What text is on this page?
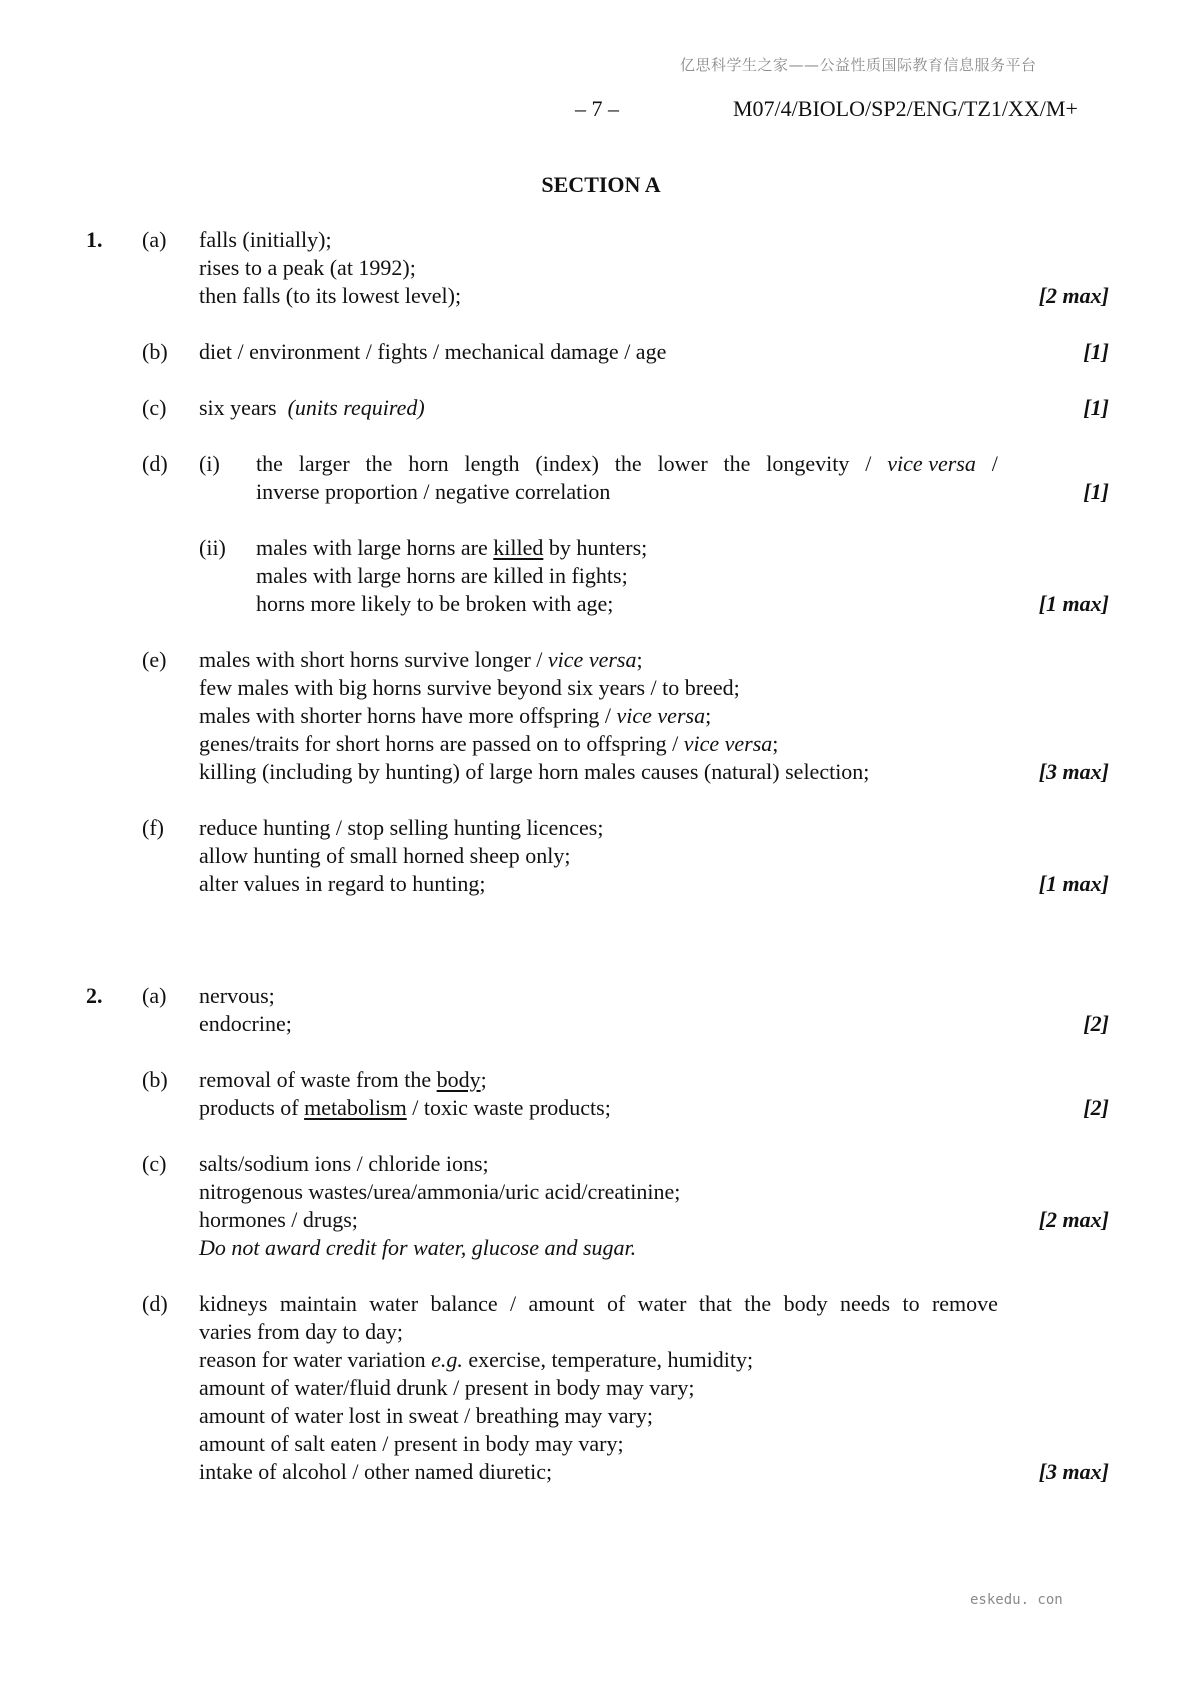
亿思科学生之家——公益性质国际教育信息服务平台
– 7 –	M07/4/BIOLO/SP2/ENG/TZ1/XX/M+
SECTION A
1. (a) falls (initially);
rises to a peak (at 1992);
then falls (to its lowest level);	[2 max]
(b) diet / environment / fights / mechanical damage / age	[1]
(c) six years (units required)	[1]
(d) (i) the larger the horn length (index) the lower the longevity / vice versa /
inverse proportion / negative correlation	[1]
(ii) males with large horns are killed by hunters;
males with large horns are killed in fights;
horns more likely to be broken with age;	[1 max]
(e) males with short horns survive longer / vice versa;
few males with big horns survive beyond six years / to breed;
males with shorter horns have more offspring / vice versa;
genes/traits for short horns are passed on to offspring / vice versa;
killing (including by hunting) of large horn males causes (natural) selection;	[3 max]
(f) reduce hunting / stop selling hunting licences;
allow hunting of small horned sheep only;
alter values in regard to hunting;	[1 max]
2. (a) nervous;
endocrine;	[2]
(b) removal of waste from the body;
products of metabolism / toxic waste products;	[2]
(c) salts/sodium ions / chloride ions;
nitrogenous wastes/urea/ammonia/uric acid/creatinine;
hormones / drugs;	[2 max]
Do not award credit for water, glucose and sugar.
(d) kidneys maintain water balance / amount of water that the body needs to remove
varies from day to day;
reason for water variation e.g. exercise, temperature, humidity;
amount of water/fluid drunk / present in body may vary;
amount of water lost in sweat / breathing may vary;
amount of salt eaten / present in body may vary;
intake of alcohol / other named diuretic;	[3 max]
eskedu. con
